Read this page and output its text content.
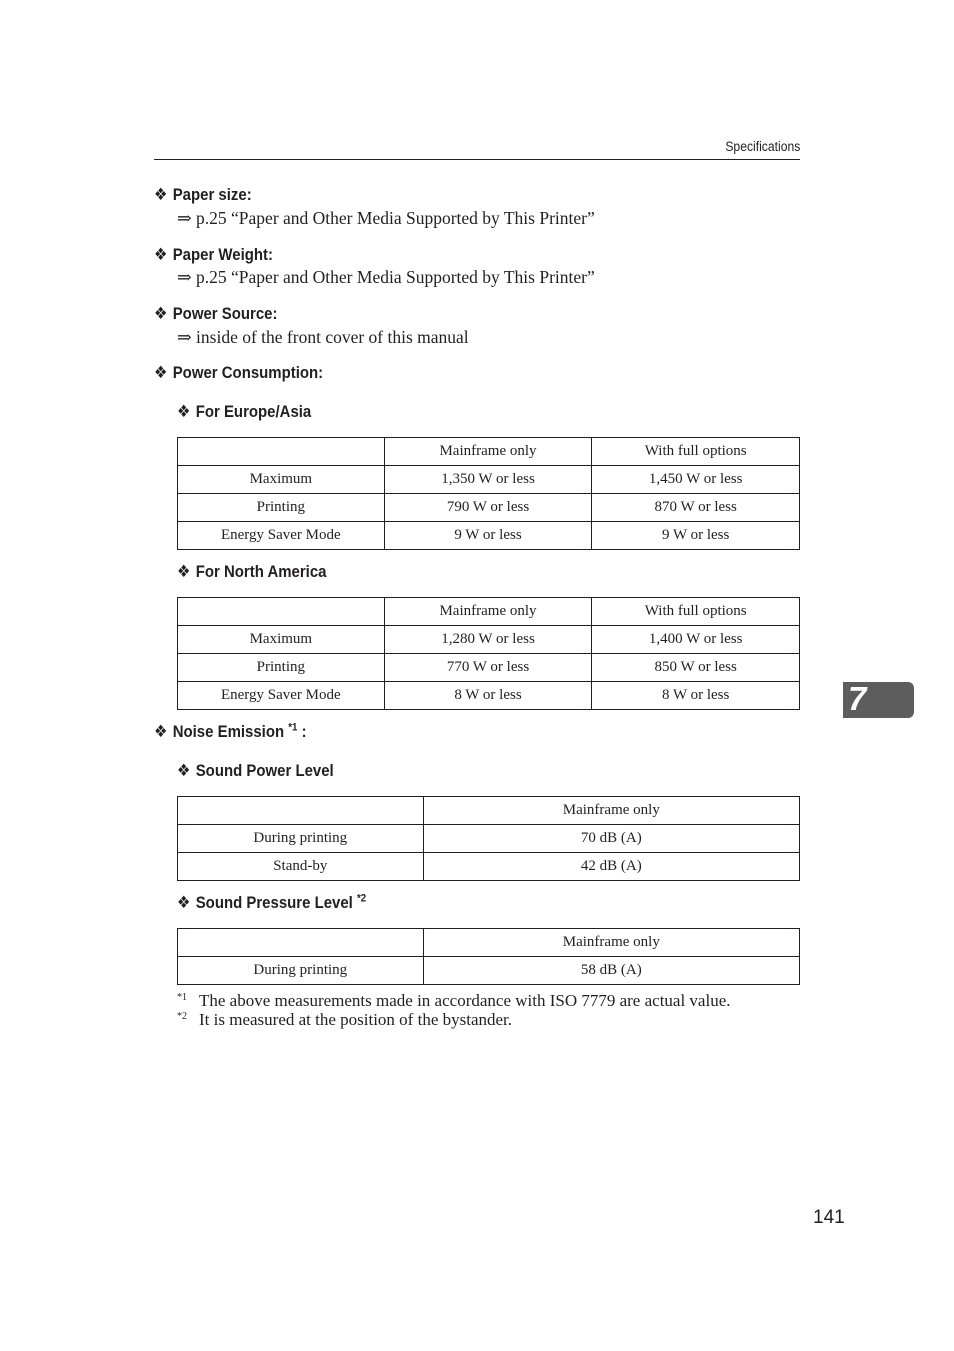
Specifications
❖ Paper size:
⇒ p.25 “Paper and Other Media Supported by This Printer”
❖ Paper Weight:
⇒ p.25 “Paper and Other Media Supported by This Printer”
❖ Power Source:
⇒ inside of the front cover of this manual
❖ Power Consumption:
❖ For Europe/Asia
	Mainframe only	With full options
Maximum	1,350 W or less	1,450 W or less
Printing	790 W or less	870 W or less
Energy Saver Mode	9 W or less	9 W or less
❖ For North America
	Mainframe only	With full options
Maximum	1,280 W or less	1,400 W or less
Printing	770 W or less	850 W or less
Energy Saver Mode	8 W or less	8 W or less
❖ Noise Emission $^{*1}$ :
❖ Sound Power Level
	Mainframe only
During printing	70 dB (A)
Stand-by	42 dB (A)
❖ Sound Pressure Level $^{*2}$
	Mainframe only
During printing	58 dB (A)
*1 The above measurements made in accordance with ISO 7779 are actual value.
*2 It is measured at the position of the bystander.
7
141
